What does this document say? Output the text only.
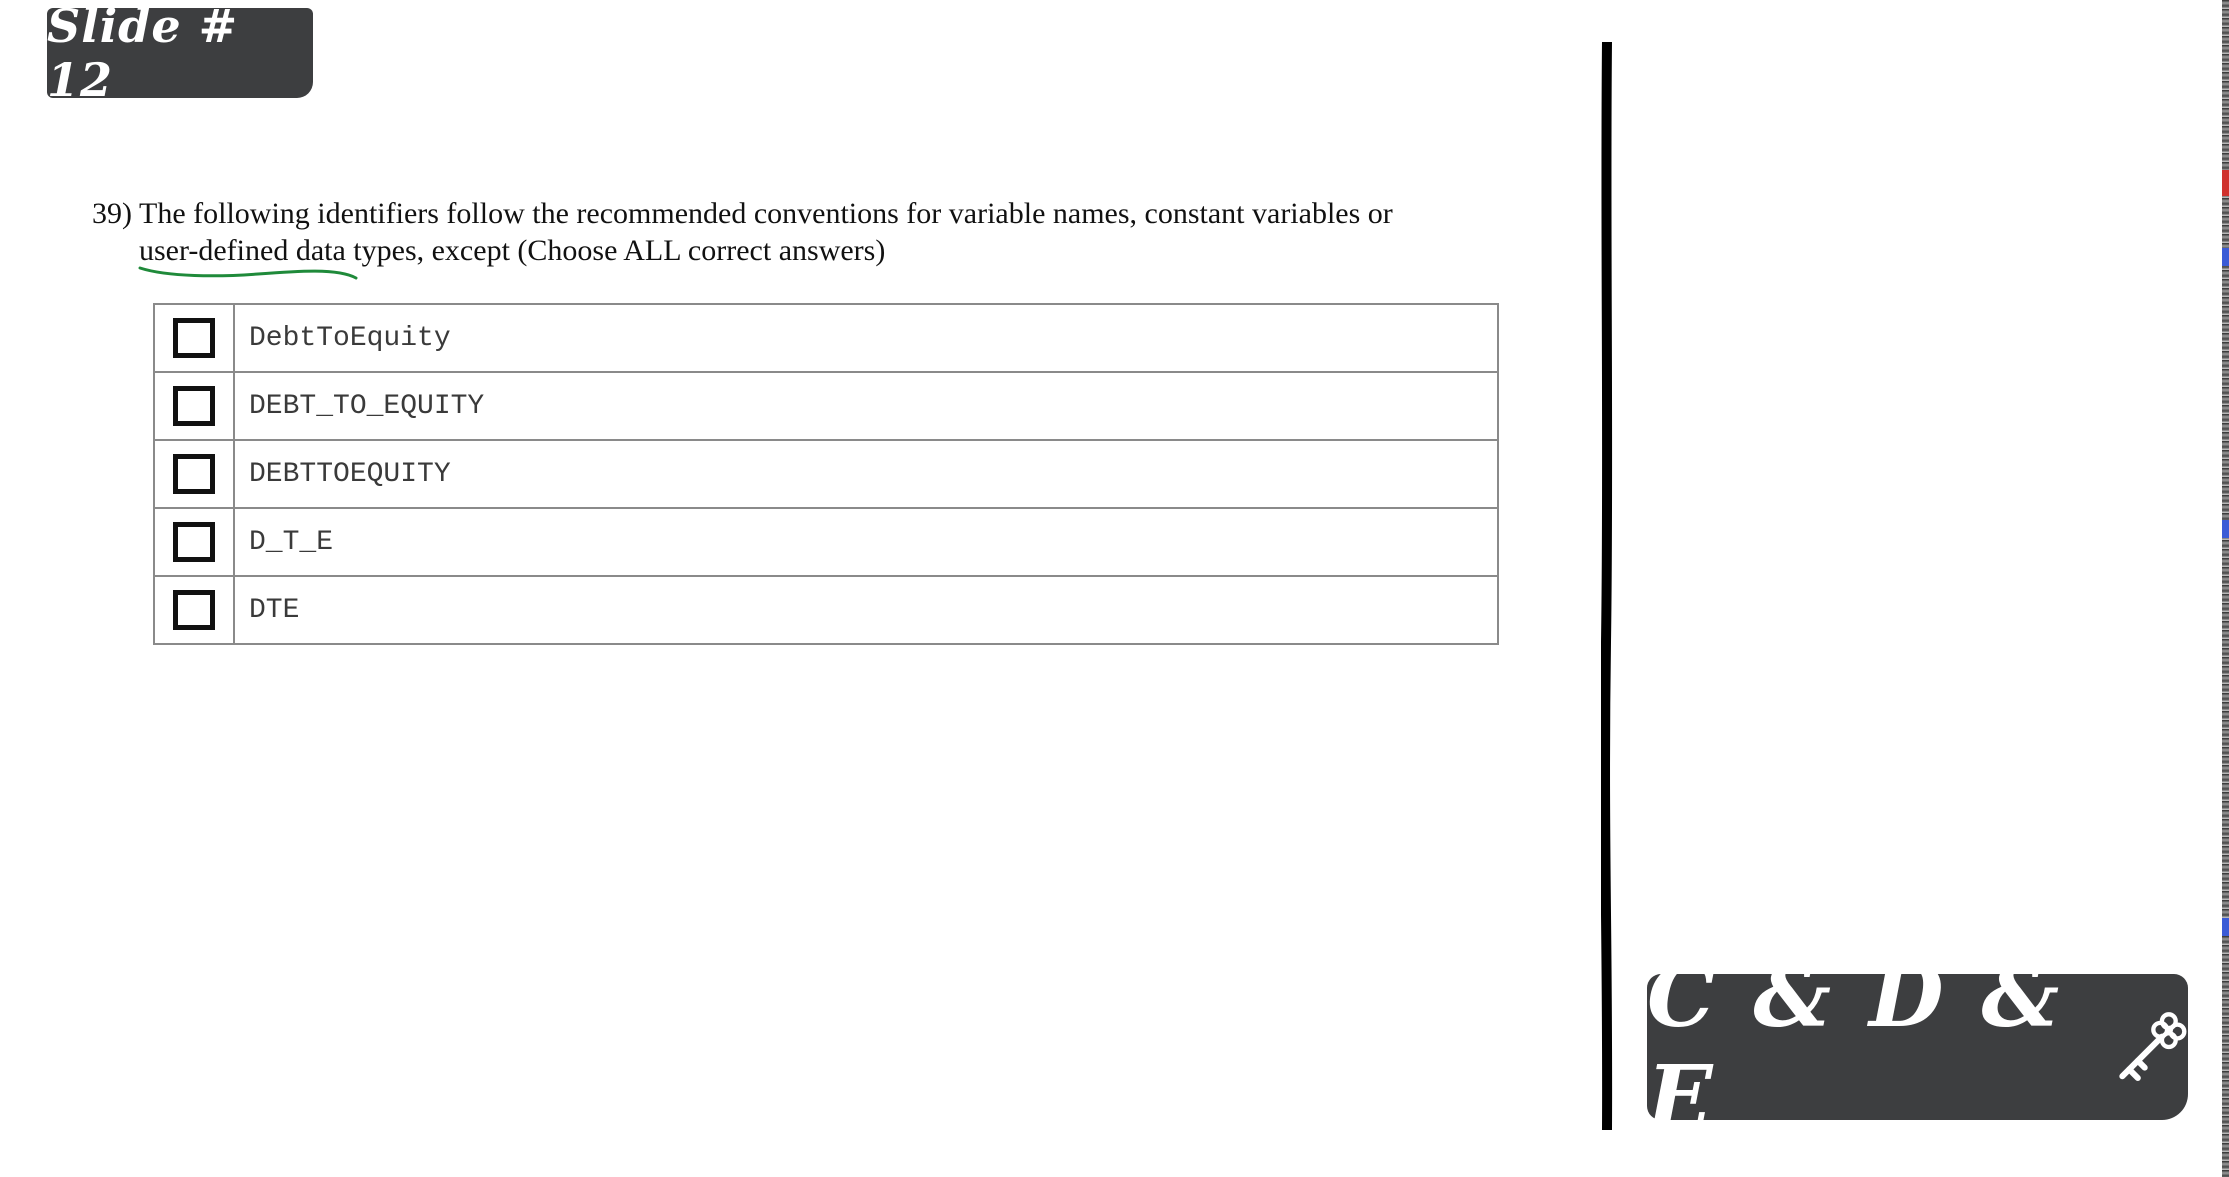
Slide # 12
39) The following identifiers follow the recommended conventions for variable names, constant variables or
user-defined data types, except (Choose ALL correct answers)
	DebtToEquity
	DEBT_TO_EQUITY
	DEBTTOEQUITY
	D_T_E
	DTE
C & D & E
